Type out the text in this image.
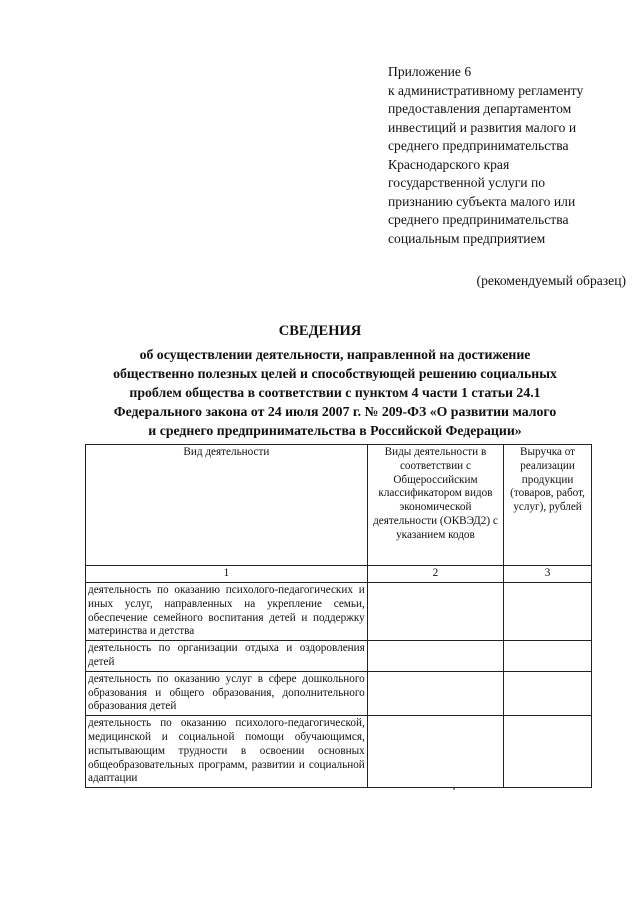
Приложение 6
к административному регламенту
предоставления департаментом
инвестиций и развития малого и
среднего предпринимательства
Краснодарского края
государственной услуги по
признанию субъекта малого или
среднего предпринимательства
социальным предприятием
(рекомендуемый образец)
СВЕДЕНИЯ
об осуществлении деятельности, направленной на достижение
общественно полезных целей и способствующей решению социальных
проблем общества в соответствии с пунктом 4 части 1 статьи 24.1
Федерального закона от 24 июля 2007 г. № 209-ФЗ «О развитии малого
и среднего предпринимательства в Российской Федерации»
Вид деятельности	Виды деятельности в соответствии с Общероссийским классификатором видов экономической деятельности (ОКВЭД2) с указанием кодов	Выручка от реализации продукции (товаров, работ, услуг), рублей
1	2	3
деятельность по оказанию психолого-педагогических и иных услуг, направленных на укрепление семьи, обеспечение семейного воспитания детей и поддержку материнства и детства		
деятельность по организации отдыха и оздоровления детей		
деятельность по оказанию услуг в сфере дошкольного образования и общего образования, дополнительного образования детей		
деятельность по оказанию психолого-педагогической, медицинской и социальной помощи обучающимся, испытывающим трудности в освоении основных общеобразовательных программ, развитии и социальной адаптации		
